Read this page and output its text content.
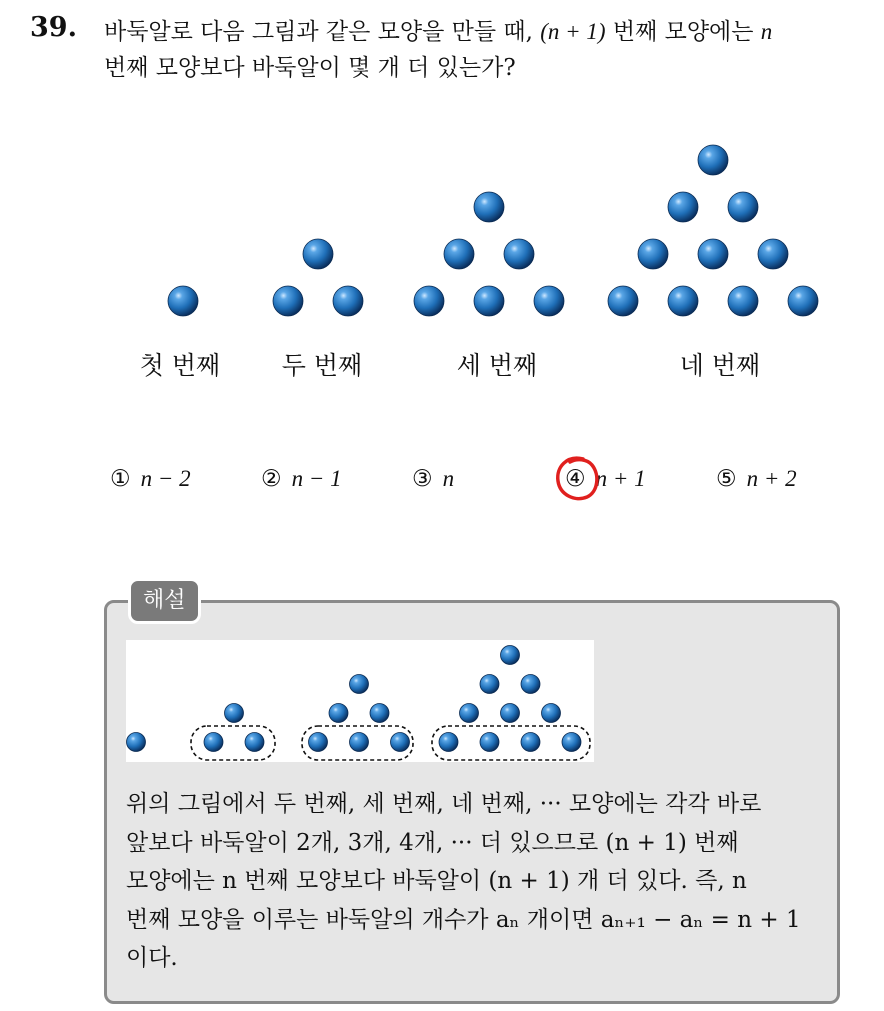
39. 바둑알로 다음 그림과 같은 모양을 만들 때, (n + 1) 번째 모양에는 n
번째 모양보다 바둑알이 몇 개 더 있는가?
첫 번째	두 번째	세 번째	네 번째
① n − 2	② n − 1	③ n	④ n + 1	⑤ n + 2
해설
위의 그림에서 두 번째, 세 번째, 네 번째, ··· 모양에는 각각 바로
앞보다 바둑알이 2개, 3개, 4개, ··· 더 있으므로 (n + 1) 번째
모양에는 n 번째 모양보다 바둑알이 (n + 1) 개 더 있다. 즉, n
번째 모양을 이루는 바둑알의 개수가 aₙ 개이면 aₙ₊₁ − aₙ = n + 1
이다.
